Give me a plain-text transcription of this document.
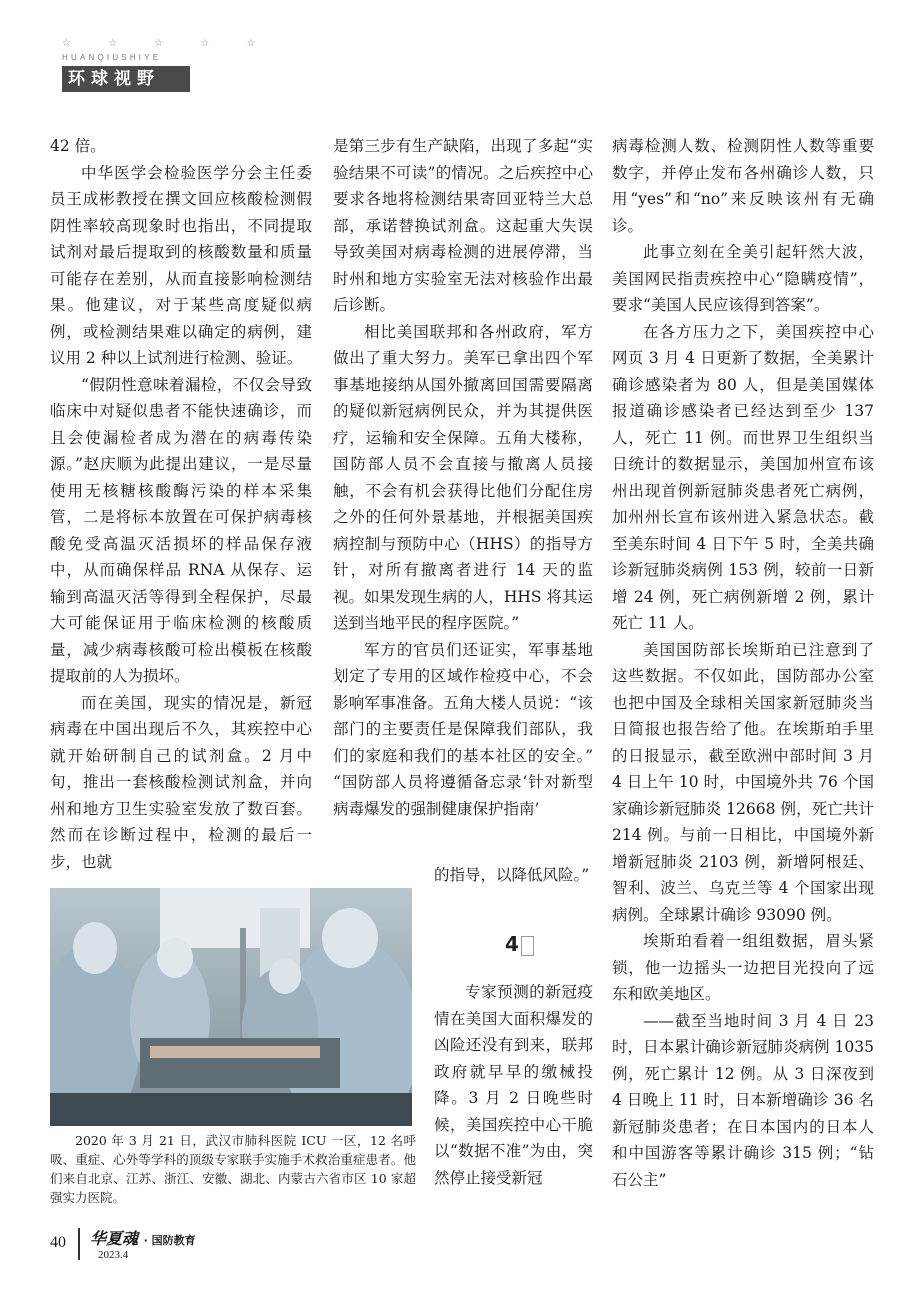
☆ ☆ ☆ ☆ ☆
HUANQIUSHIYE
环球视野

42 倍。

中华医学会检验医学分会主任委员王成彬教授在撰文回应核酸检测假阴性率较高现象时也指出，不同提取试剂对最后提取到的核酸数量和质量可能存在差别，从而直接影响检测结果。他建议，对于某些高度疑似病例，或检测结果难以确定的病例，建议用 2 种以上试剂进行检测、验证。

“假阴性意味着漏检，不仅会导致临床中对疑似患者不能快速确诊，而且会使漏检者成为潜在的病毒传染源。”赵庆顺为此提出建议，一是尽量使用无核糖核酸酶污染的样本采集管，二是将标本放置在可保护病毒核酸免受高温灭活损坏的样品保存液中，从而确保样品 RNA 从保存、运输到高温灭活等得到全程保护，尽最大可能保证用于临床检测的核酸质量，减少病毒核酸可检出模板在核酸提取前的人为损坏。

而在美国，现实的情况是，新冠病毒在中国出现后不久，其疾控中心就开始研制自己的试剂盒。2 月中旬，推出一套核酸检测试剂盒，并向州和地方卫生实验室发放了数百套。然而在诊断过程中，检测的最后一步，也就

是第三步有生产缺陷，出现了多起“实验结果不可读”的情况。之后疾控中心要求各地将检测结果寄回亚特兰大总部，承诺替换试剂盒。这起重大失误导致美国对病毒检测的进展停滞，当时州和地方实验室无法对核验作出最后诊断。

相比美国联邦和各州政府，军方做出了重大努力。美军已拿出四个军事基地接纳从国外撤离回国需要隔离的疑似新冠病例民众，并为其提供医疗，运输和安全保障。五角大楼称，国防部人员不会直接与撤离人员接触，不会有机会获得比他们分配住房之外的任何外景基地，并根据美国疾病控制与预防中心（HHS）的指导方针，对所有撤离者进行 14 天的监视。如果发现生病的人，HHS 将其运送到当地平民的程序医院。”

军方的官员们还证实，军事基地划定了专用的区域作检疫中心，不会影响军事准备。五角大楼人员说：“该部门的主要责任是保障我们部队，我们的家庭和我们的基本社区的安全。” “国防部人员将遵循备忘录‘针对新型病毒爆发的强制健康保护指南’

的指导，以降低风险。”

4

专家预测的新冠疫情在美国大面积爆发的凶险还没有到来，联邦政府就早早的缴械投降。3 月 2 日晚些时候，美国疾控中心干脆以“数据不准”为由，突然停止接受新冠

病毒检测人数、检测阴性人数等重要数字，并停止发布各州确诊人数，只用“yes”和“no”来反映该州有无确诊。

此事立刻在全美引起轩然大波，美国网民指责疾控中心“隐瞒疫情”，要求“美国人民应该得到答案”。

在各方压力之下，美国疾控中心网页 3 月 4 日更新了数据，全美累计确诊感染者为 80 人，但是美国媒体报道确诊感染者已经达到至少 137 人，死亡 11 例。而世界卫生组织当日统计的数据显示，美国加州宣布该州出现首例新冠肺炎患者死亡病例，加州州长宣布该州进入紧急状态。截至美东时间 4 日下午 5 时，全美共确诊新冠肺炎病例 153 例，较前一日新增 24 例，死亡病例新增 2 例，累计死亡 11 人。

美国国防部长埃斯珀已注意到了这些数据。不仅如此，国防部办公室也把中国及全球相关国家新冠肺炎当日简报也报告给了他。在埃斯珀手里的日报显示，截至欧洲中部时间 3 月 4 日上午 10 时，中国境外共 76 个国家确诊新冠肺炎 12668 例，死亡共计 214 例。与前一日相比，中国境外新增新冠肺炎 2103 例，新增阿根廷、智利、波兰、乌克兰等 4 个国家出现病例。全球累计确诊 93090 例。

埃斯珀看着一组组数据，眉头紧锁，他一边摇头一边把目光投向了远东和欧美地区。

——截至当地时间 3 月 4 日 23 时，日本累计确诊新冠肺炎病例 1035 例，死亡累计 12 例。从 3 日深夜到 4 日晚上 11 时，日本新增确诊 36 名新冠肺炎患者；在日本国内的日本人和中国游客等累计确诊 315 例；“钻石公主”

2020 年 3 月 21 日，武汉市肺科医院 ICU 一区，12 名呼吸、重症、心外等学科的顶级专家联手实施手术救治重症患者。他们来自北京、江苏、浙江、安徽、湖北、内蒙古六省市区 10 家超强实力医院。
40 华夏魂 · 国防教育
2023.4
